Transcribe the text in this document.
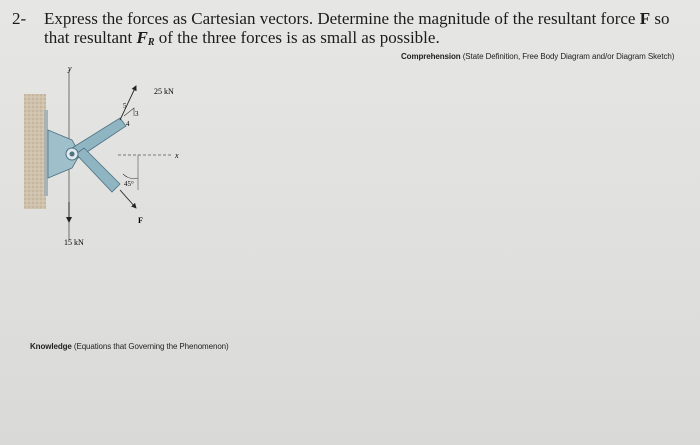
2- Express the forces as Cartesian vectors. Determine the magnitude of the resultant force F so that resultant $F_R$ of the three forces is as small as possible.
Comprehension (State Definition, Free Body Diagram and/or Diagram Sketch)
Knowledge (Equations that Governing the Phenomenon)
y
25 kN
5
3
4
x
F
45°
15 kN
